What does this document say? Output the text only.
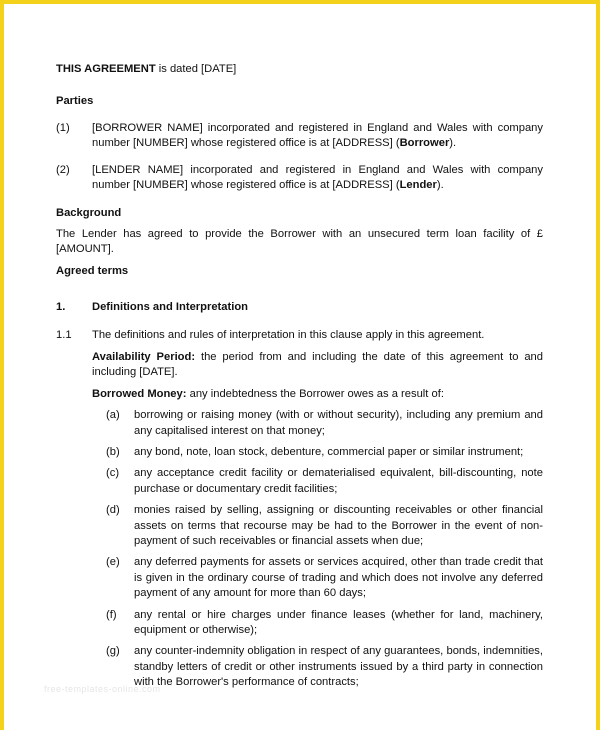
THIS AGREEMENT is dated [DATE]

Parties

(1)	[BORROWER NAME] incorporated and registered in England and Wales with company number [NUMBER] whose registered office is at [ADDRESS] (Borrower).

(2)	[LENDER NAME] incorporated and registered in England and Wales with company number [NUMBER] whose registered office is at [ADDRESS] (Lender).

Background

The Lender has agreed to provide the Borrower with an unsecured term loan facility of £[AMOUNT].

Agreed terms

1.	Definitions and Interpretation
1.1	The definitions and rules of interpretation in this clause apply in this agreement.

Availability Period: the period from and including the date of this agreement to and including [DATE].

Borrowed Money: any indebtedness the Borrower owes as a result of:

(a)	borrowing or raising money (with or without security), including any premium and any capitalised interest on that money;

(b)	any bond, note, loan stock, debenture, commercial paper or similar instrument;

(c)	any acceptance credit facility or dematerialised equivalent, bill-discounting, note purchase or documentary credit facilities;

(d)	monies raised by selling, assigning or discounting receivables or other financial assets on terms that recourse may be had to the Borrower in the event of non-payment of such receivables or financial assets when due;

(e)	any deferred payments for assets or services acquired, other than trade credit that is given in the ordinary course of trading and which does not involve any deferred payment of any amount for more than 60 days;

(f)	any rental or hire charges under finance leases (whether for land, machinery, equipment or otherwise);

(g)	any counter-indemnity obligation in respect of any guarantees, bonds, indemnities, standby letters of credit or other instruments issued by a third party in connection with the Borrower's performance of contracts;

free-templates-online.com
